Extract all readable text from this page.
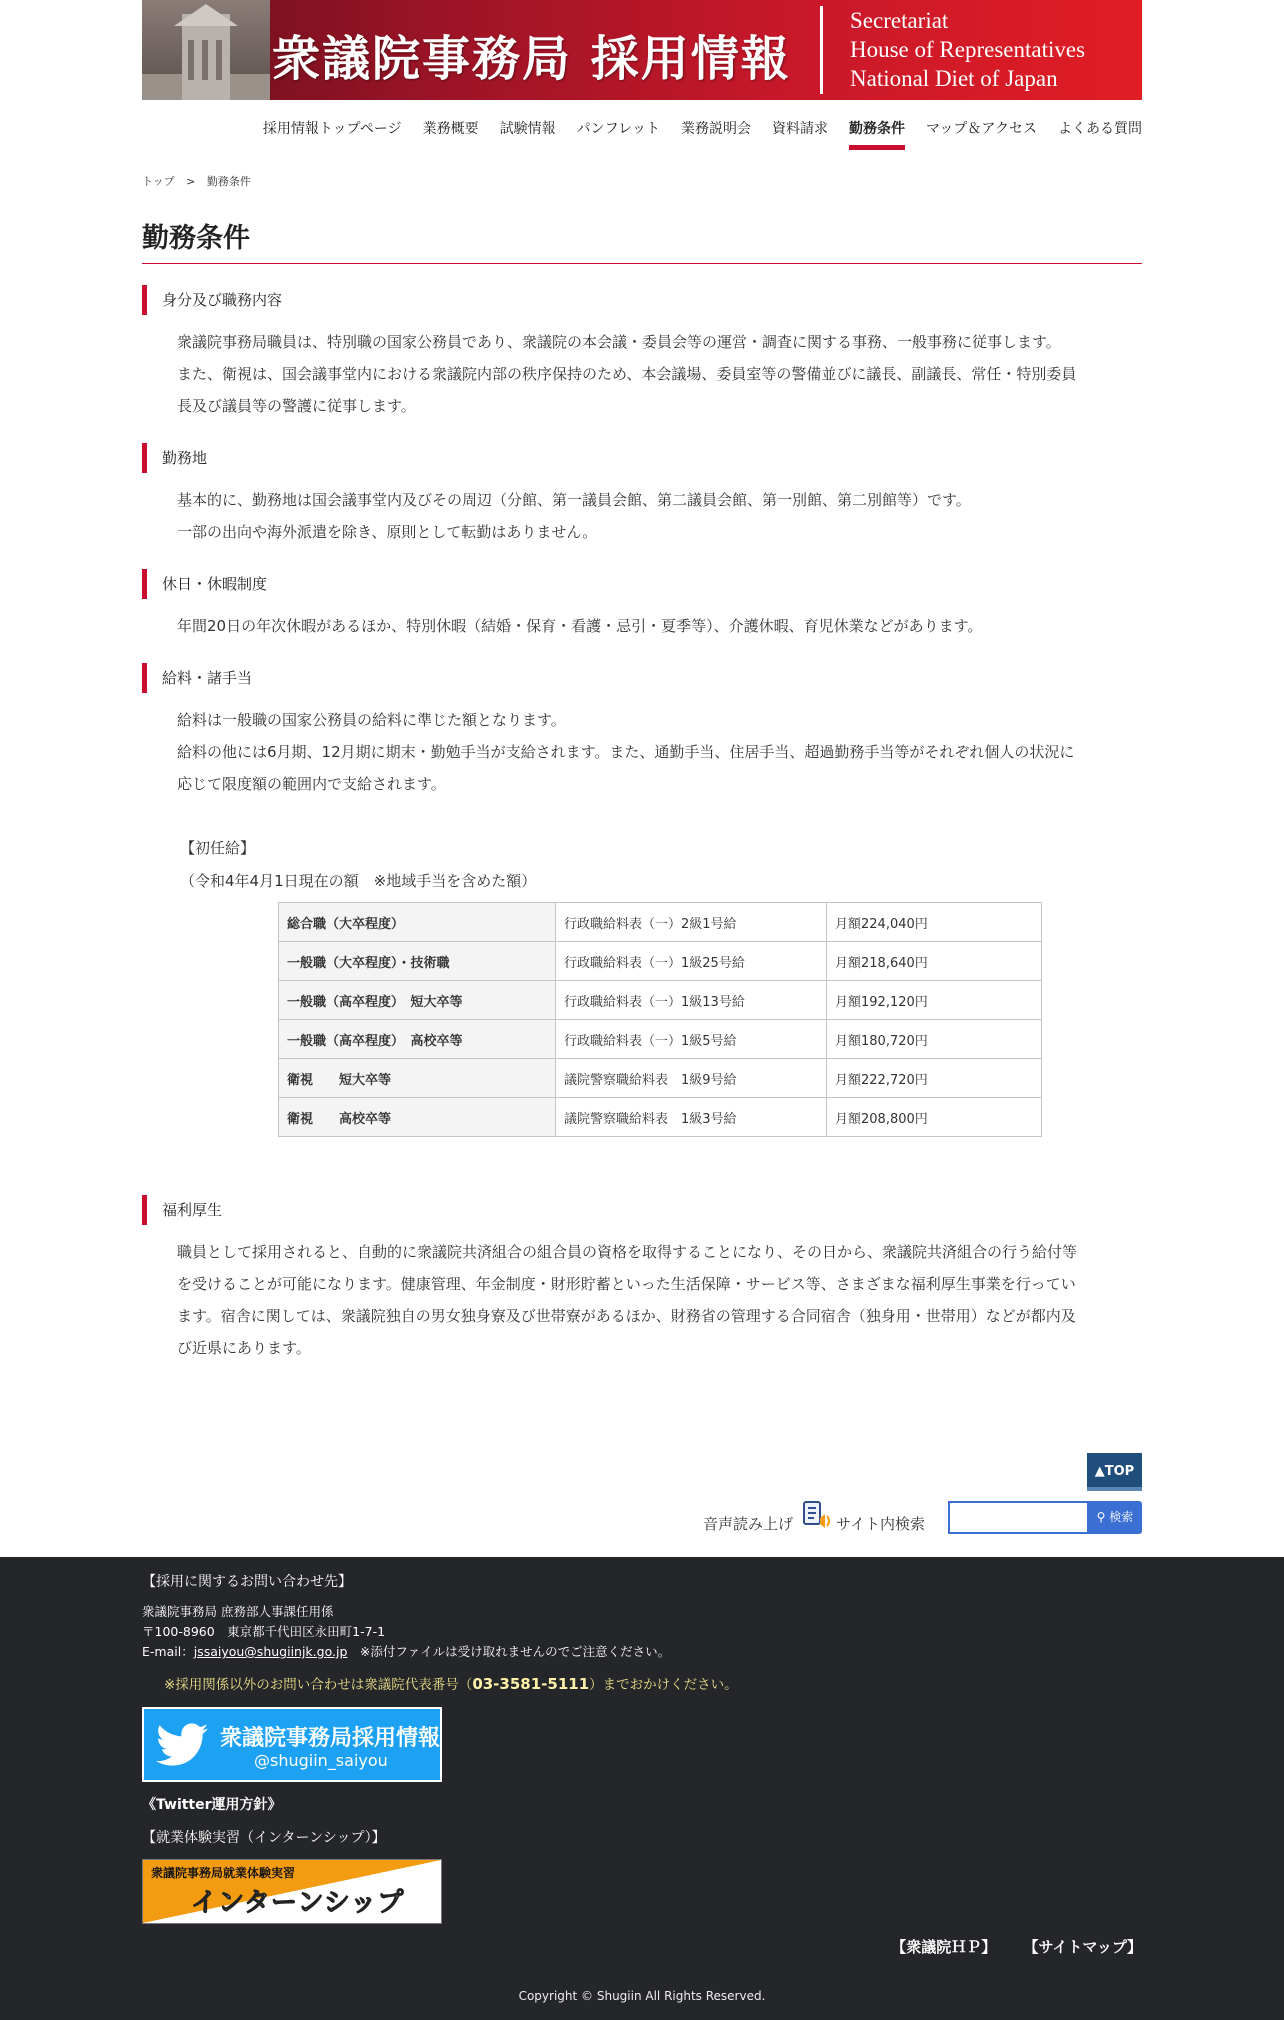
衆議院事務局 採用情報
Secretariat
House of Representatives
National Diet of Japan
採用情報トップページ 業務概要 試験情報 パンフレット 業務説明会 資料請求 勤務条件 マップ＆アクセス よくある質問
トップ > 勤務条件
勤務条件
身分及び職務内容
衆議院事務局職員は、特別職の国家公務員であり、衆議院の本会議・委員会等の運営・調査に関する事務、一般事務に従事します。
また、衛視は、国会議事堂内における衆議院内部の秩序保持のため、本会議場、委員室等の警備並びに議長、副議長、常任・特別委員
長及び議員等の警護に従事します。
勤務地
基本的に、勤務地は国会議事堂内及びその周辺（分館、第一議員会館、第二議員会館、第一別館、第二別館等）です。
一部の出向や海外派遣を除き、原則として転勤はありません。
休日・休暇制度
年間20日の年次休暇があるほか、特別休暇（結婚・保育・看護・忌引・夏季等）、介護休暇、育児休業などがあります。
給料・諸手当
給料は一般職の国家公務員の給料に準じた額となります。
給料の他には6月期、12月期に期末・勤勉手当が支給されます。また、通勤手当、住居手当、超過勤務手当等がそれぞれ個人の状況に
応じて限度額の範囲内で支給されます。
【初任給】
（令和4年4月1日現在の額　※地域手当を含めた額）
総合職（大卒程度）	行政職給料表（一）2級1号給	月額224,040円
一般職（大卒程度）・技術職	行政職給料表（一）1級25号給	月額218,640円
一般職（高卒程度）　短大卒等	行政職給料表（一）1級13号給	月額192,120円
一般職（高卒程度）　高校卒等	行政職給料表（一）1級5号給	月額180,720円
衛視　　短大卒等	議院警察職給料表　1級9号給	月額222,720円
衛視　　高校卒等	議院警察職給料表　1級3号給	月額208,800円
福利厚生
職員として採用されると、自動的に衆議院共済組合の組合員の資格を取得することになり、その日から、衆議院共済組合の行う給付等
を受けることが可能になります。健康管理、年金制度・財形貯蓄といった生活保障・サービス等、さまざまな福利厚生事業を行ってい
ます。宿舎に関しては、衆議院独自の男女独身寮及び世帯寮があるほか、財務省の管理する合同宿舎（独身用・世帯用）などが都内及
び近県にあります。
▲TOP
音声読み上げ	サイト内検索	⚲ 検索
【採用に関するお問い合わせ先】
衆議院事務局 庶務部人事課任用係
〒100-8960　東京都千代田区永田町1-7-1
E-mail：jssaiyou@shugiinjk.go.jp　※添付ファイルは受け取れませんのでご注意ください。
※採用関係以外のお問い合わせは衆議院代表番号（03-3581-5111）までおかけください。
衆議院事務局採用情報
@shugiin_saiyou
《Twitter運用方針》
【就業体験実習（インターンシップ）】
衆議院事務局就業体験実習
インターンシップ
【衆議院ＨＰ】 【サイトマップ】
Copyright © Shugiin All Rights Reserved.
